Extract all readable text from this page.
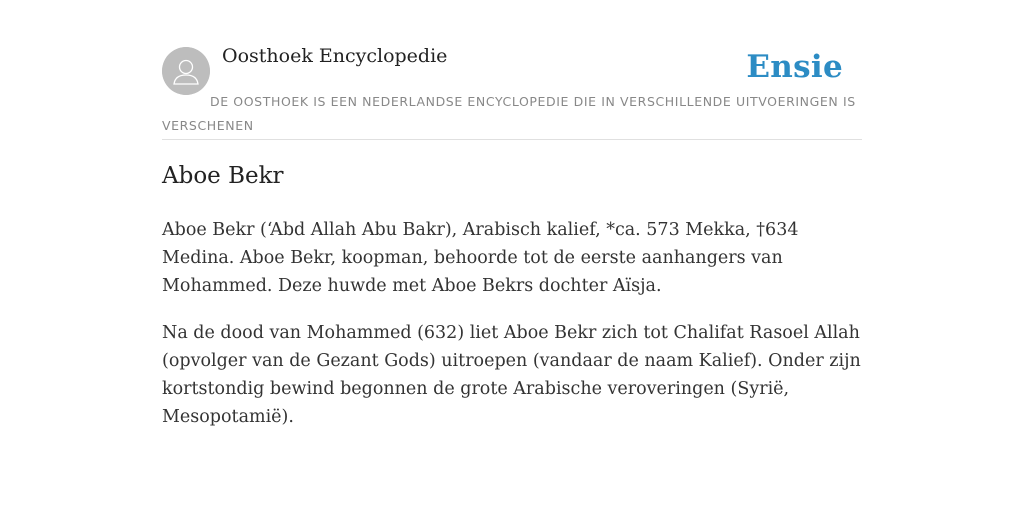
Oosthoek Encyclopedie	Ensie

DE OOSTHOEK IS EEN NEDERLANDSE ENCYCLOPEDIE DIE IN VERSCHILLENDE UITVOERINGEN IS VERSCHENEN

Aboe Bekr

Aboe Bekr (‘Abd Allah Abu Bakr), Arabisch kalief, *ca. 573 Mekka, †634 Medina. Aboe Bekr, koopman, behoorde tot de eerste aanhangers van Mohammed. Deze huwde met Aboe Bekrs dochter Aïsja.

Na de dood van Mohammed (632) liet Aboe Bekr zich tot Chalifat Rasoel Allah (opvolger van de Gezant Gods) uitroepen (vandaar de naam Kalief). Onder zijn kortstondig bewind begonnen de grote Arabische veroveringen (Syrië, Mesopotamië).
